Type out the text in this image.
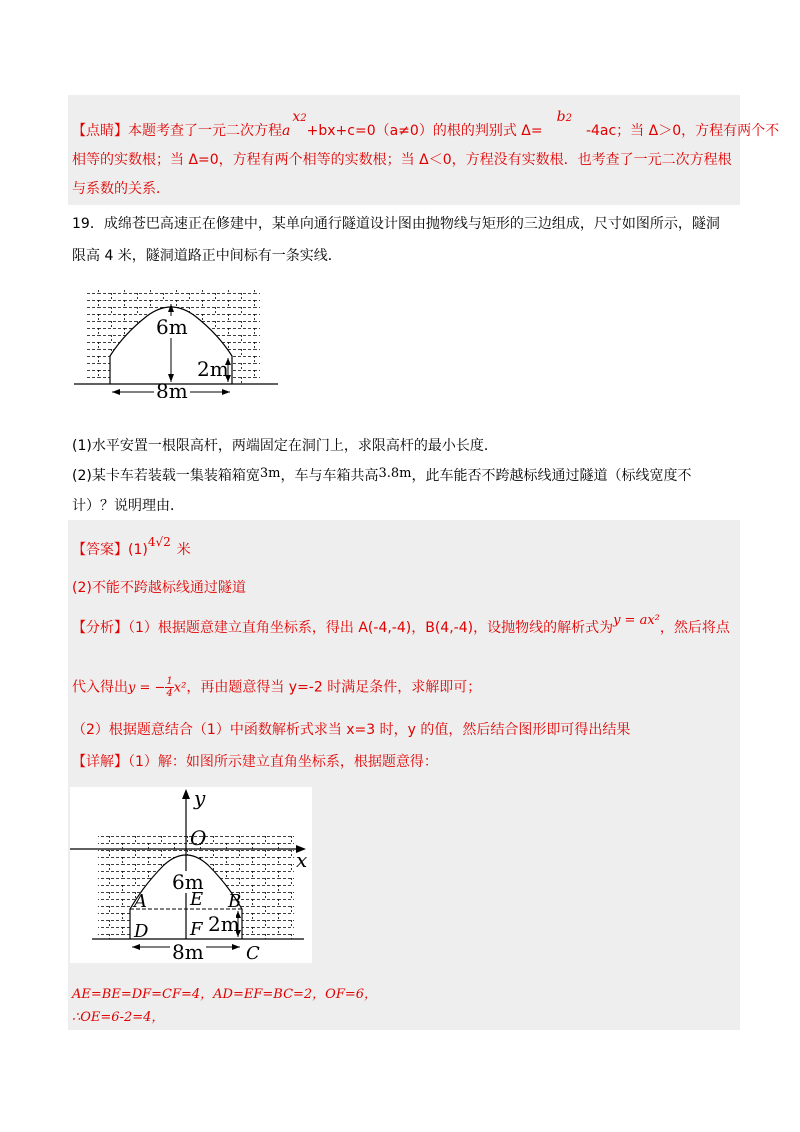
【点睛】本题考查了一元二次方程$ax^2+bx+c=0(a\ne 0)$的根的判别式 $\Delta=b^2-4ac$；当 Δ＞0，方程有两个不
相等的实数根；当 Δ=0，方程有两个相等的实数根；当 Δ＜0，方程没有实数根．也考查了一元二次方程根
与系数的关系．
19．成绵苍巴高速正在修建中，某单向通行隧道设计图由抛物线与矩形的三边组成，尺寸如图所示，隧洞
限高 4 米，隧洞道路正中间标有一条实线．
6m
2m
8m
(1)水平安置一根限高杆，两端固定在洞门上，求限高杆的最小长度．
(2)某卡车若装载一集装箱箱宽3m，车与车箱共高3.8m，此车能否不跨越标线通过隧道（标线宽度不
计）？说明理由．
【答案】(1)4√2 米
(2)不能不跨越标线通过隧道
【分析】（1）根据题意建立直角坐标系，得出 A(-4,-4)，B(4,-4)，设抛物线的解析式为y = ax²，然后将点
代入得出y = − $\frac{1}{4} x^2$，再由题意得当 y=-2 时满足条件，求解即可；
（2）根据题意结合（1）中函数解析式求当 x=3 时，y 的值，然后结合图形即可得出结果
【详解】（1）解：如图所示建立直角坐标系，根据题意得：
y
x
O
6m
E
A	B
F 2m
D
C
8m
AE=BE=DF=CF=4，AD=EF=BC=2，OF=6，
∴OE=6-2=4，
